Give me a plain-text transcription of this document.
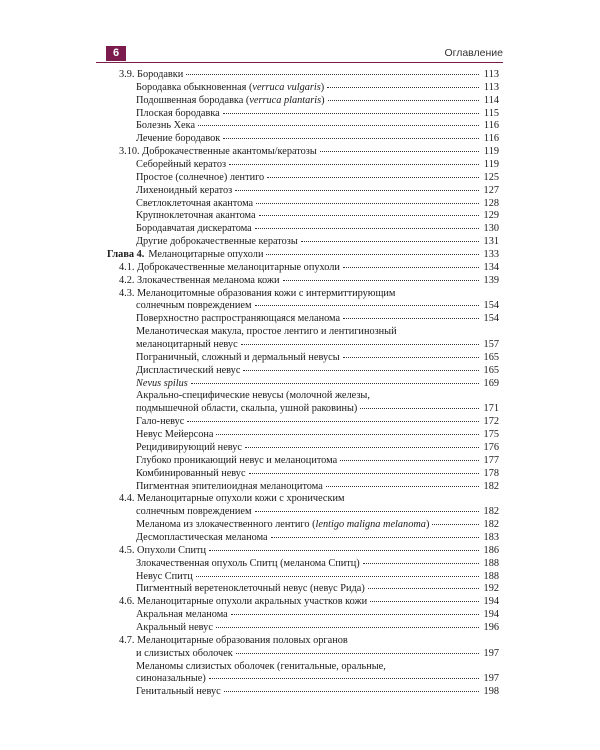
6	Оглавление
3.9. Бородавки	113
Бородавка обыкновенная (verruca vulgaris)	113
Подошвенная бородавка (verruca plantaris)	114
Плоская бородавка	115
Болезнь Хека	116
Лечение бородавок	116
3.10. Доброкачественные акантомы/кератозы	119
Себорейный кератоз	119
Простое (солнечное) лентиго	125
Лихеноидный кератоз	127
Светлоклеточная акантома	128
Крупноклеточная акантома	129
Бородавчатая дискератома	130
Другие доброкачественные кератозы	131
Глава 4. Меланоцитарные опухоли	133
4.1. Доброкачественные меланоцитарные опухоли	134
4.2. Злокачественная меланома кожи	139
4.3. Меланоцитомные образования кожи с интермиттирующим
солнечным повреждением	154
Поверхностно распространяющаяся меланома	154
Меланотическая макула, простое лентиго и лентигинозный
меланоцитарный невус	157
Пограничный, сложный и дермальный невусы	165
Диспластический невус	165
Nevus spilus	169
Акрально-специфические невусы (молочной железы,
подмышечной области, скальпа, ушной раковины)	171
Гало-невус	172
Невус Мейерсона	175
Рецидивирующий невус	176
Глубоко проникающий невус и меланоцитома	177
Комбинированный невус	178
Пигментная эпителиоидная меланоцитома	182
4.4. Меланоцитарные опухоли кожи с хроническим
солнечным повреждением	182
Меланома из злокачественного лентиго (lentigo maligna melanoma)	182
Десмопластическая меланома	183
4.5. Опухоли Спитц	186
Злокачественная опухоль Спитц (меланома Спитц)	188
Невус Спитц	188
Пигментный веретеноклеточный невус (невус Рида)	192
4.6. Меланоцитарные опухоли акральных участков кожи	194
Акральная меланома	194
Акральный невус	196
4.7. Меланоцитарные образования половых органов
и слизистых оболочек	197
Меланомы слизистых оболочек (генитальные, оральные,
синоназальные)	197
Генитальный невус	198
